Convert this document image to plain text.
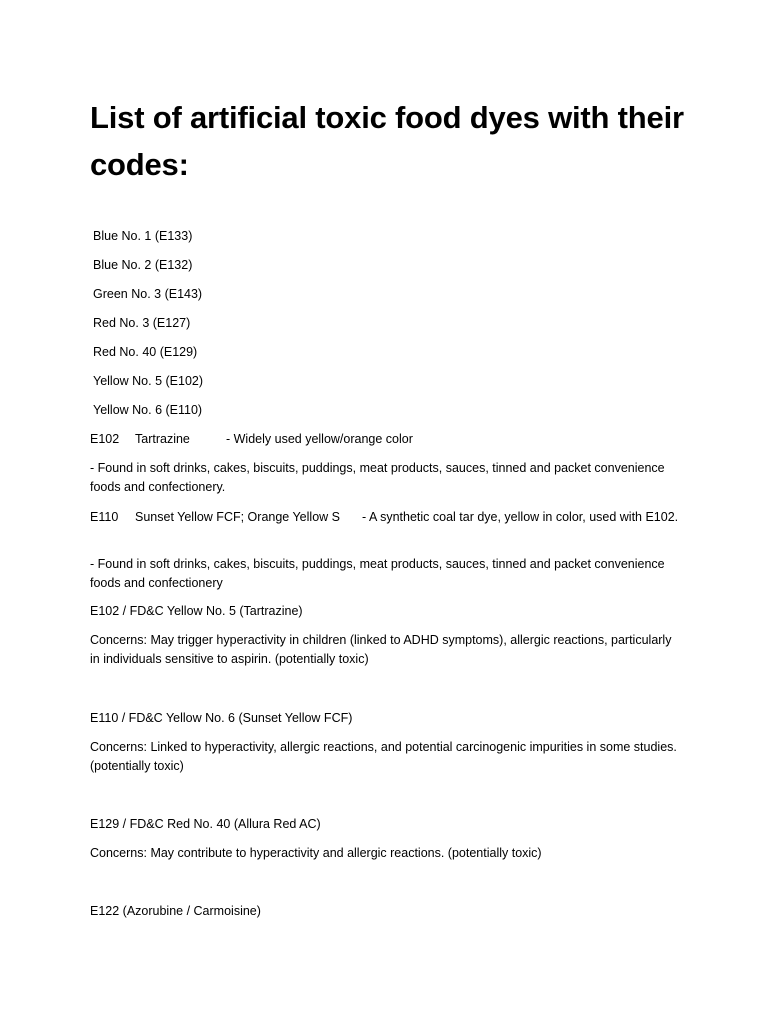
List of artificial toxic food dyes with their codes:
Blue No. 1 (E133)
Blue No. 2 (E132)
Green No. 3 (E143)
Red No. 3 (E127)
Red No. 40 (E129)
Yellow No. 5 (E102)
Yellow No. 6 (E110)

E102 Tartrazine	- Widely used yellow/orange color

- Found in soft drinks, cakes, biscuits, puddings, meat products, sauces, tinned and packet convenience foods and confectionery.

E110 Sunset Yellow FCF; Orange Yellow S - A synthetic coal tar dye, yellow in color, used with E102.

- Found in soft drinks, cakes, biscuits, puddings, meat products, sauces, tinned and packet convenience foods and confectionery

E102 / FD&C Yellow No. 5 (Tartrazine)

Concerns: May trigger hyperactivity in children (linked to ADHD symptoms), allergic reactions, particularly in individuals sensitive to aspirin. (potentially toxic)

E110 / FD&C Yellow No. 6 (Sunset Yellow FCF)

Concerns: Linked to hyperactivity, allergic reactions, and potential carcinogenic impurities in some studies. (potentially toxic)

E129 / FD&C Red No. 40 (Allura Red AC)

Concerns: May contribute to hyperactivity and allergic reactions. (potentially toxic)

E122 (Azorubine / Carmoisine)
